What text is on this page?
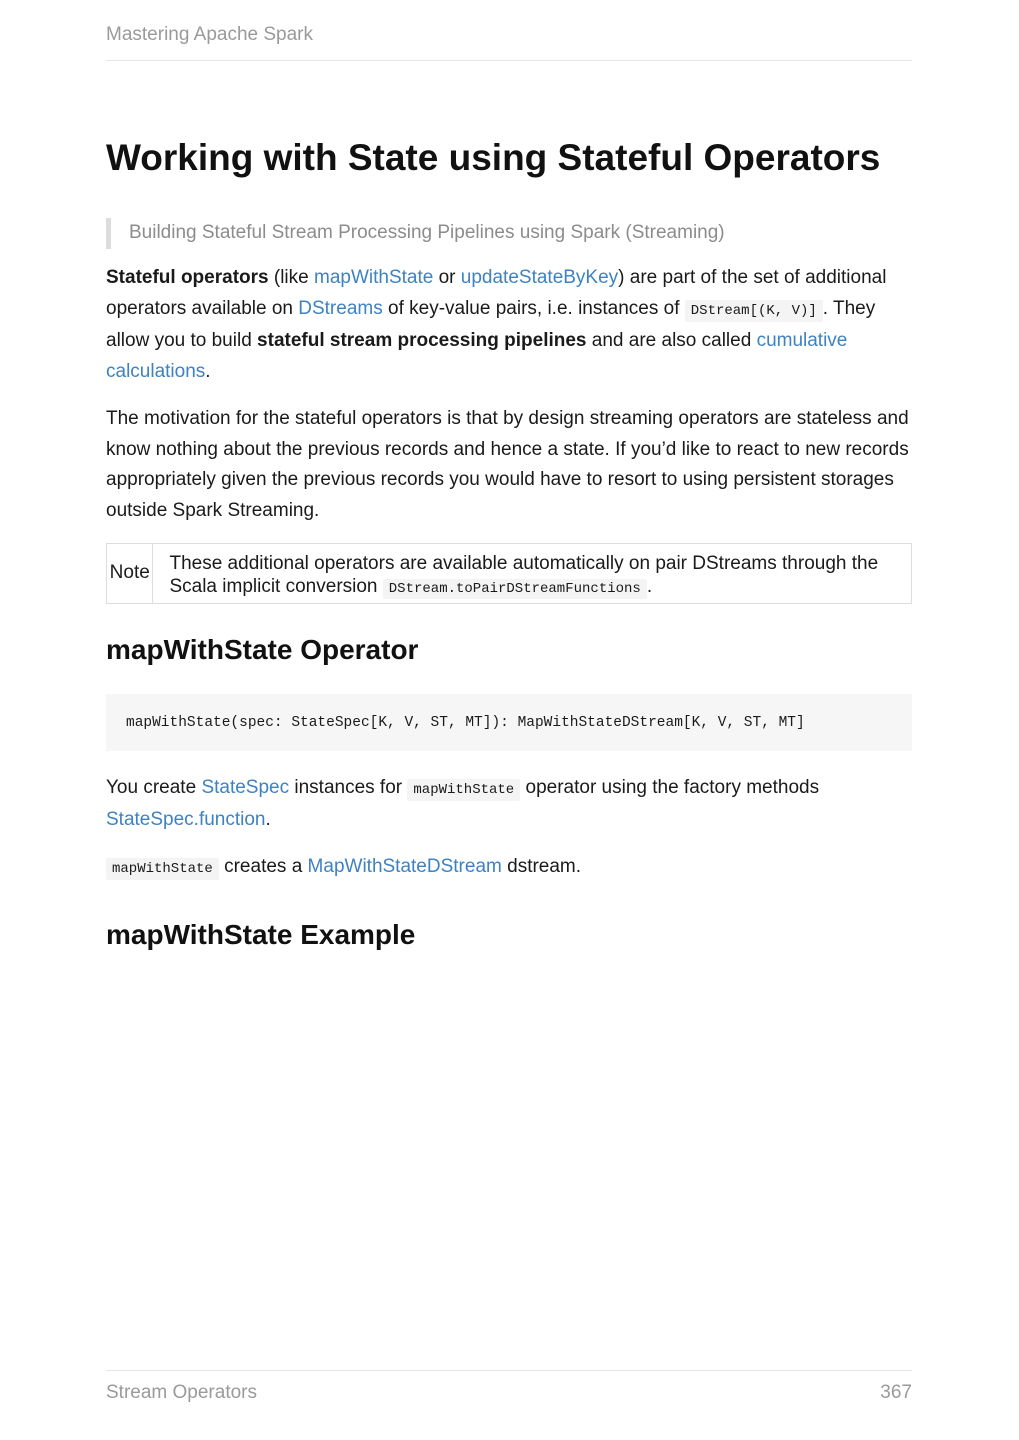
Mastering Apache Spark
Working with State using Stateful Operators
Building Stateful Stream Processing Pipelines using Spark (Streaming)

Stateful operators (like mapWithState or updateStateByKey) are part of the set of additional operators available on DStreams of key-value pairs, i.e. instances of DStream[(K, V)] . They allow you to build stateful stream processing pipelines and are also called cumulative calculations.

The motivation for the stateful operators is that by design streaming operators are stateless and know nothing about the previous records and hence a state. If you’d like to react to new records appropriately given the previous records you would have to resort to using persistent storages outside Spark Streaming.

Note	These additional operators are available automatically on pair DStreams through the Scala implicit conversion DStream.toPairDStreamFunctions .
mapWithState Operator
mapWithState(spec: StateSpec[K, V, ST, MT]): MapWithStateDStream[K, V, ST, MT]

You create StateSpec instances for mapWithState operator using the factory methods StateSpec.function.

mapWithState creates a MapWithStateDStream dstream.

mapWithState Example
Stream Operators	367
